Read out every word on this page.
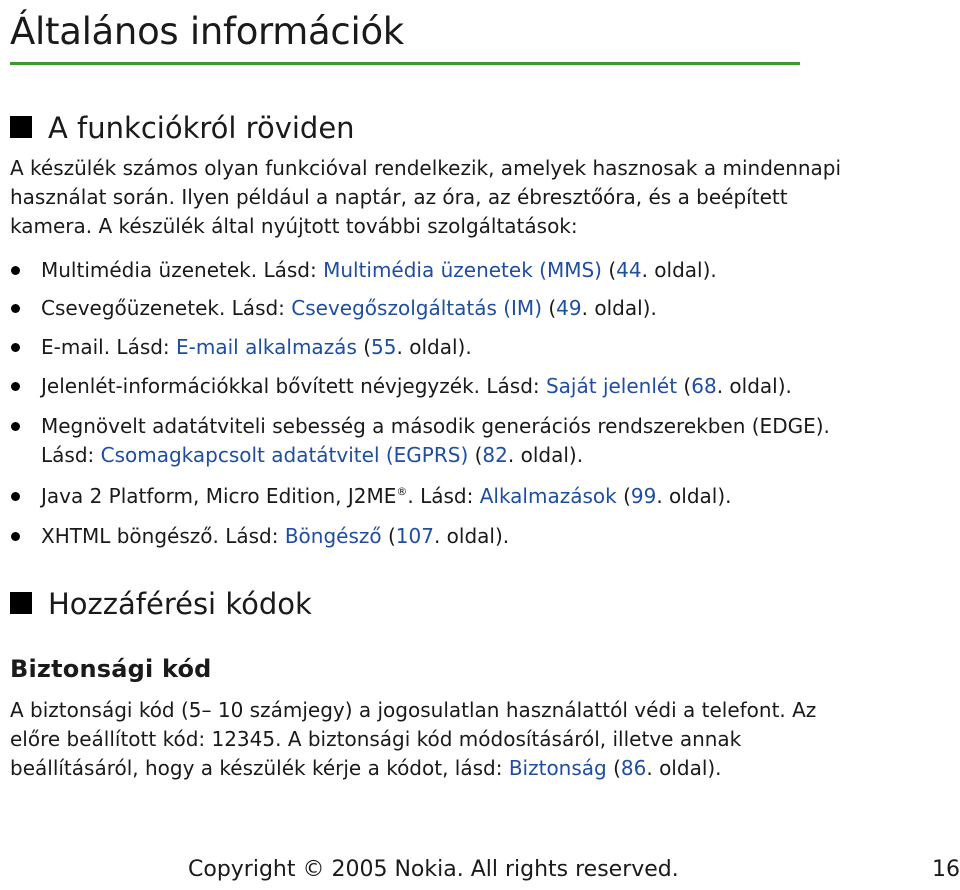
Általános információk
A funkciókról röviden

A készülék számos olyan funkcióval rendelkezik, amelyek hasznosak a mindennapi
használat során. Ilyen például a naptár, az óra, az ébresztőóra, és a beépített
kamera. A készülék által nyújtott további szolgáltatások:

Multimédia üzenetek. Lásd: Multimédia üzenetek (MMS) (44. oldal).
Csevegőüzenetek. Lásd: Csevegőszolgáltatás (IM) (49. oldal).
E-mail. Lásd: E-mail alkalmazás (55. oldal).
Jelenlét-információkkal bővített névjegyzék. Lásd: Saját jelenlét (68. oldal).
Megnövelt adatátviteli sebesség a második generációs rendszerekben (EDGE).
Lásd: Csomagkapcsolt adatátvitel (EGPRS) (82. oldal).
Java 2 Platform, Micro Edition, J2ME®. Lásd: Alkalmazások (99. oldal).
XHTML böngésző. Lásd: Böngésző (107. oldal).
Hozzáférési kódok
Biztonsági kód

A biztonsági kód (5– 10 számjegy) a jogosulatlan használattól védi a telefont. Az
előre beállított kód: 12345. A biztonsági kód módosításáról, illetve annak
beállításáról, hogy a készülék kérje a kódot, lásd: Biztonság (86. oldal).

Copyright © 2005 Nokia. All rights reserved.	16
